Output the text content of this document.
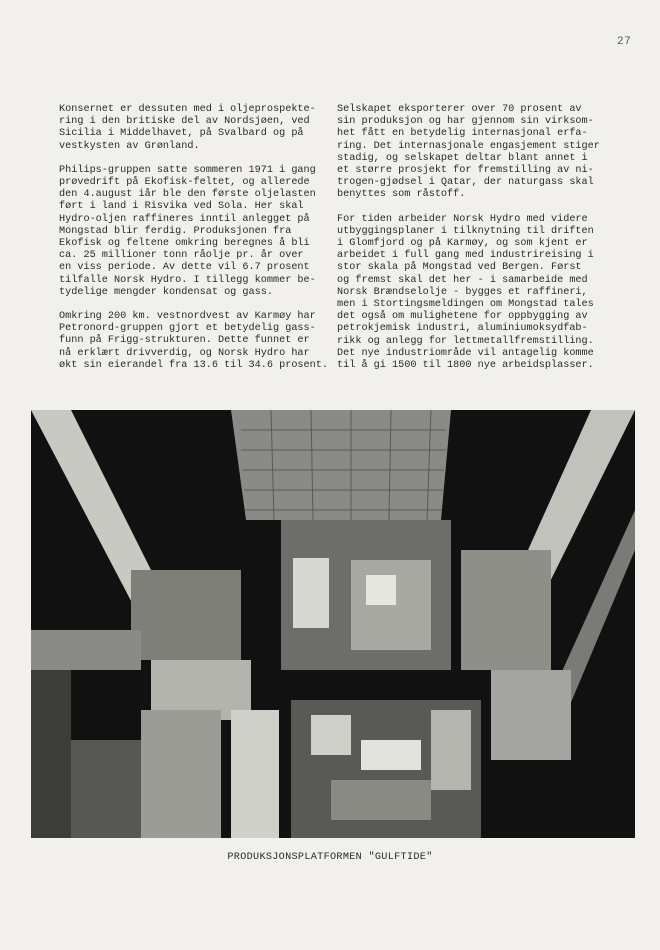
27

Konsernet er dessuten med i oljeprospekte-
ring i den britiske del av Nordsjøen, ved
Sicilia i Middelhavet, på Svalbard og på
vestkysten av Grønland.

Philips-gruppen satte sommeren 1971 i gang
prøvedrift på Ekofisk-feltet, og allerede
den 4.august iår ble den første oljelasten
ført i land i Risvika ved Sola. Her skal
Hydro-oljen raffineres inntil anlegget på
Mongstad blir ferdig. Produksjonen fra
Ekofisk og feltene omkring beregnes å bli
ca. 25 millioner tonn råolje pr. år over
en viss periode. Av dette vil 6.7 prosent
tilfalle Norsk Hydro. I tillegg kommer be-
tydelige mengder kondensat og gass.

Omkring 200 km. vestnordvest av Karmøy har
Petronord-gruppen gjort et betydelig gass-
funn på Frigg-strukturen. Dette funnet er
nå erklært drivverdig, og Norsk Hydro har
økt sin eierandel fra 13.6 til 34.6 prosent.

Selskapet eksporterer over 70 prosent av
sin produksjon og har gjennom sin virksom-
het fått en betydelig internasjonal erfa-
ring. Det internasjonale engasjement stiger
stadig, og selskapet deltar blant annet i
et større prosjekt for fremstilling av ni-
trogen-gjødsel i Qatar, der naturgass skal
benyttes som råstoff.

For tiden arbeider Norsk Hydro med videre
utbyggingsplaner i tilknytning til driften
i Glomfjord og på Karmøy, og som kjent er
arbeidet i full gang med industrireising i
stor skala på Mongstad ved Bergen. Først
og fremst skal det her - i samarbeide med
Norsk Brændselolje - bygges et raffineri,
men i Stortingsmeldingen om Mongstad tales
det også om mulighetene for oppbygging av
petrokjemisk industri, aluminiumoksydfab-
rikk og anlegg for lettmetallfremstilling.
Det nye industriområde vil antagelig komme
til å gi 1500 til 1800 nye arbeidsplasser.

PRODUKSJONSPLATFORMEN "GULFTIDE"
